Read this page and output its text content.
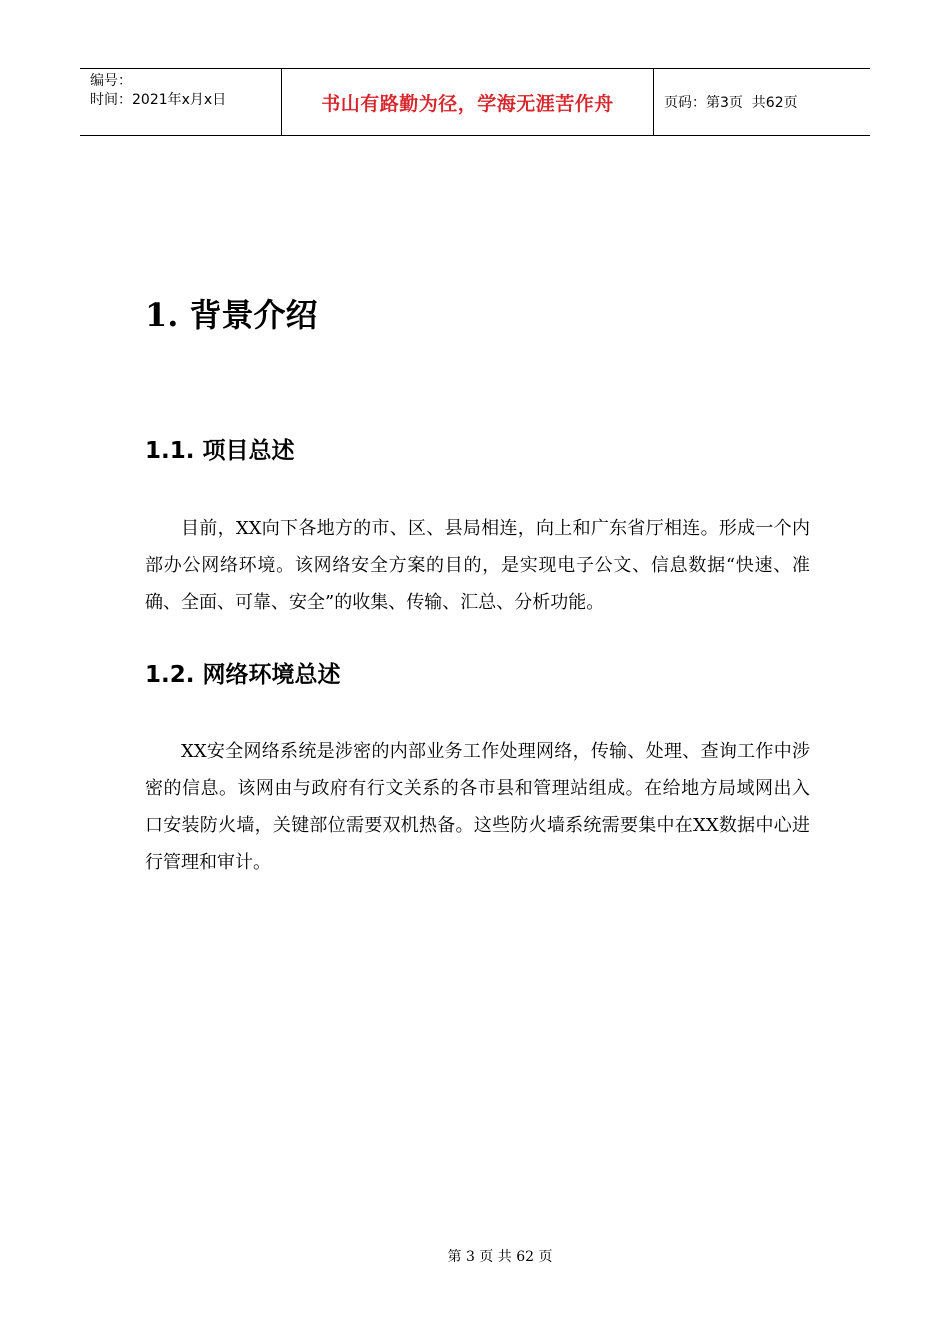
编号：
时间：2021年x月x日	书山有路勤为径，学海无涯苦作舟	页码：第3页  共62页
1. 背景介绍
1.1. 项目总述

目前，XX向下各地方的市、区、县局相连，向上和广东省厅相连。形成一个内部办公网络环境。该网络安全方案的目的，是实现电子公文、信息数据“快速、准确、全面、可靠、安全”的收集、传输、汇总、分析功能。

1.2. 网络环境总述

XX安全网络系统是涉密的内部业务工作处理网络，传输、处理、查询工作中涉密的信息。该网由与政府有行文关系的各市县和管理站组成。在给地方局域网出入口安装防火墙，关键部位需要双机热备。这些防火墙系统需要集中在XX数据中心进行管理和审计。

第 3 页 共 62 页
